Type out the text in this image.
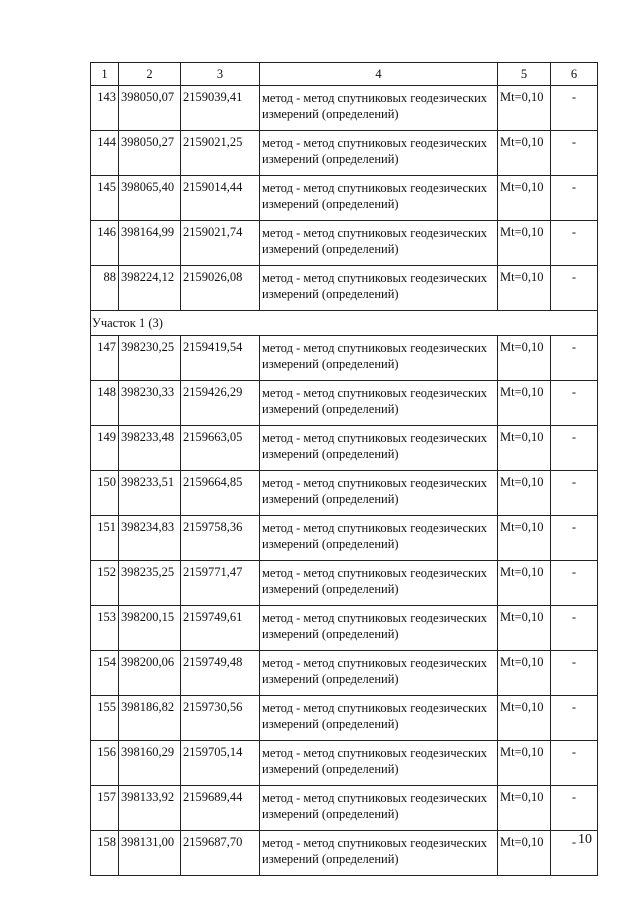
1	2	3	4	5	6
143	398050,07	2159039,41	метод - метод спутниковых геодезических измерений (определений)	Mt=0,10	-
144	398050,27	2159021,25	метод - метод спутниковых геодезических измерений (определений)	Mt=0,10	-
145	398065,40	2159014,44	метод - метод спутниковых геодезических измерений (определений)	Mt=0,10	-
146	398164,99	2159021,74	метод - метод спутниковых геодезических измерений (определений)	Mt=0,10	-
88	398224,12	2159026,08	метод - метод спутниковых геодезических измерений (определений)	Mt=0,10	-
Участок 1 (3)					
147	398230,25	2159419,54	метод - метод спутниковых геодезических измерений (определений)	Mt=0,10	-
148	398230,33	2159426,29	метод - метод спутниковых геодезических измерений (определений)	Mt=0,10	-
149	398233,48	2159663,05	метод - метод спутниковых геодезических измерений (определений)	Mt=0,10	-
150	398233,51	2159664,85	метод - метод спутниковых геодезических измерений (определений)	Mt=0,10	-
151	398234,83	2159758,36	метод - метод спутниковых геодезических измерений (определений)	Mt=0,10	-
152	398235,25	2159771,47	метод - метод спутниковых геодезических измерений (определений)	Mt=0,10	-
153	398200,15	2159749,61	метод - метод спутниковых геодезических измерений (определений)	Mt=0,10	-
154	398200,06	2159749,48	метод - метод спутниковых геодезических измерений (определений)	Mt=0,10	-
155	398186,82	2159730,56	метод - метод спутниковых геодезических измерений (определений)	Mt=0,10	-
156	398160,29	2159705,14	метод - метод спутниковых геодезических измерений (определений)	Mt=0,10	-
157	398133,92	2159689,44	метод - метод спутниковых геодезических измерений (определений)	Mt=0,10	-
158	398131,00	2159687,70	метод - метод спутниковых геодезических измерений (определений)	Mt=0,10	- 10
